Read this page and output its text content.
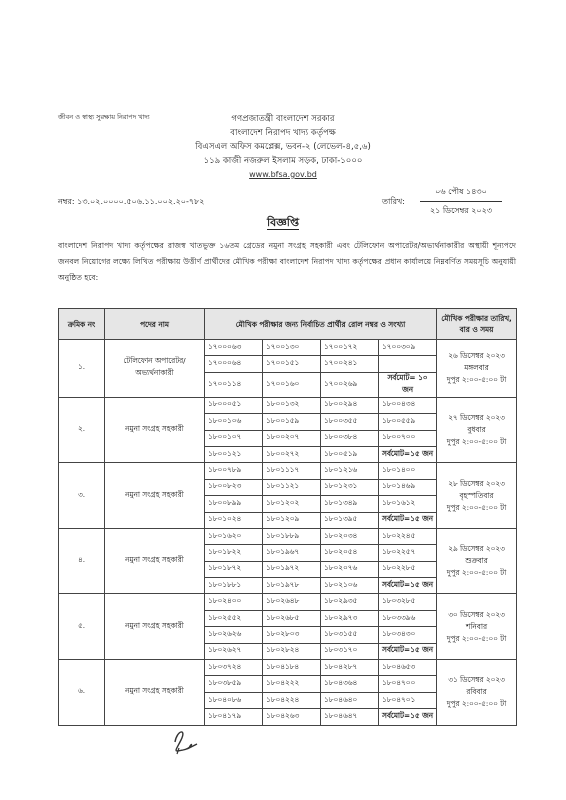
জীবন ও স্বাস্থ্য সুরক্ষায় নিরাপদ খাদ্য	গণপ্রজাতন্ত্রী বাংলাদেশ সরকার
বাংলাদেশ নিরাপদ খাদ্য কর্তৃপক্ষ
বিএসএল অফিস কমপ্লেক্স, ভবন-২ (লেভেল-৪,৫,৬)
১১৯ কাজী নজরুল ইসলাম সড়ক, ঢাকা-১০০০
www.bfsa.gov.bd
নম্বর: ১৩.০২.০০০০.৫০৬.১১.০০২.২০-৭৮২	তারিখ:
০৬ পৌষ ১৪৩০
২১ ডিসেম্বর ২০২৩
বিজ্ঞপ্তি
বাংলাদেশ নিরাপদ খাদ্য কর্তৃপক্ষের রাজস্ব খাতভুক্ত ১৬তম গ্রেডের নমুনা সংগ্রহ সহকারী এবং টেলিফোন অপারেটর/অভ্যর্থনাকারীর অস্থায়ী শূন্যপদে জনবল নিয়োগের লক্ষ্যে লিখিত পরীক্ষায় উত্তীর্ণ প্রার্থীদের মৌখিক পরীক্ষা বাংলাদেশ নিরাপদ খাদ্য কর্তৃপক্ষের প্রধান কার্যালয়ে নিম্নবর্ণিত সময়সূচি অনুযায়ী অনুষ্ঠিত হবে:
ক্রমিক নং	পদের নাম	মৌখিক পরীক্ষার জন্য নির্বাচিত প্রার্থীর রোল নম্বর ও সংখ্যা				মৌখিক পরীক্ষার তারিখ, বার ও সময়
১.	টেলিফোন অপারেটর/অভ্যর্থনাকারী	১৭০০০৬৩	১৭০০১৩০	১৭০০১৭২	১৭০০৩০৯	২৬ ডিসেম্বর ২০২৩
মঙ্গলবার
দুপুর ২:০০-৫:০০ টা

		১৭০০০৬৪	১৭০০১৫১	১৭০০২৪১		
		১৭০০১১৪	১৭০০১৬০	১৭০০২৬৯	সর্বমোট= ১০ জন	
২.	নমুনা সংগ্রহ সহকারী	১৮০০০৫১	১৮০০১৩২	১৮০০২৯৪	১৮০০৪৩৪	২৭ ডিসেম্বর ২০২৩
বুধবার
দুপুর ২:০০-৫:০০ টা

		১৮০০১০৬	১৮০০১৫৯	১৮০০৩৫৫	১৮০০৫৫৯	
		১৮০০১০৭	১৮০০২০৭	১৮০০৩৮৪	১৮০০৭০০	
		১৮০০১২১	১৮০০২৭২	১৮০০৫১৯	সর্বমোট=১৫ জন	
৩.	নমুনা সংগ্রহ সহকারী	১৮০০৭৮৯	১৮০১১১৭	১৮০১২১৬	১৮০১৪০০	২৮ ডিসেম্বর ২০২৩
বৃহস্পতিবার
দুপুর ২:০০-৫:০০ টা

		১৮০০৮২৩	১৮০১১২১	১৮০১২৩১	১৮০১৪৬৯	
		১৮০০৮৯৯	১৮০১২০২	১৮০১৩৪৯	১৮০১৬১২	
		১৮০১০২৪	১৮০১২০৯	১৮০১৩৯৫	সর্বমোট=১৫ জন	
৪.	নমুনা সংগ্রহ সহকারী	১৮০১৬২০	১৮০১৮৮৯	১৮০২০৩৪	১৮০২২৪৫	২৯ ডিসেম্বর ২০২৩
শুক্রবার
দুপুর ২:০০-৫:০০ টা

		১৮০১৮২২	১৮০১৯৬৭	১৮০২০৫৪	১৮০২২৫৭	
		১৮০১৮৭২	১৮০১৯৭২	১৮০২০৭৬	১৮০২২৮৫	
		১৮০১৮৮১	১৮০১৯৭৮	১৮০২১০৬	সর্বমোট=১৫ জন	
৫.	নমুনা সংগ্রহ সহকারী	১৮০২৪০০	১৮০২৬৪৮	১৮০২৯৩৫	১৮০৩২৮৫	৩০ ডিসেম্বর ২০২৩
শনিবার
দুপুর ২:০০-৫:০০ টা

		১৮০২৫৫২	১৮০২৬৮৫	১৮০২৯৭৩	১৮০৩৩৯৬	
		১৮০২৬২৬	১৮০২৮০৩	১৮০৩১৫৫	১৮০৩৪৩০	
		১৮০২৬২৭	১৮০২৮২৪	১৮০৩১৭০	সর্বমোট=১৫ জন	
৬.	নমুনা সংগ্রহ সহকারী	১৮০৩৭২৪	১৮০৪১৮৪	১৮০৪২৮৭	১৮০৪৬৫৩	৩১ ডিসেম্বর ২০২৩
রবিবার
দুপুর ২:০০-৫:০০ টা

		১৮০৩৮৫৯	১৮০৪২২২	১৮০৪৩৬৪	১৮০৪৭০০	
		১৮০৪০৮৬	১৮০৪২২৪	১৮০৪৬৪০	১৮০৪৭০১	
		১৮০৪১৭৯	১৮০৪২৬৩	১৮০৪৬৪৭	সর্বমোট=১৫ জন	
